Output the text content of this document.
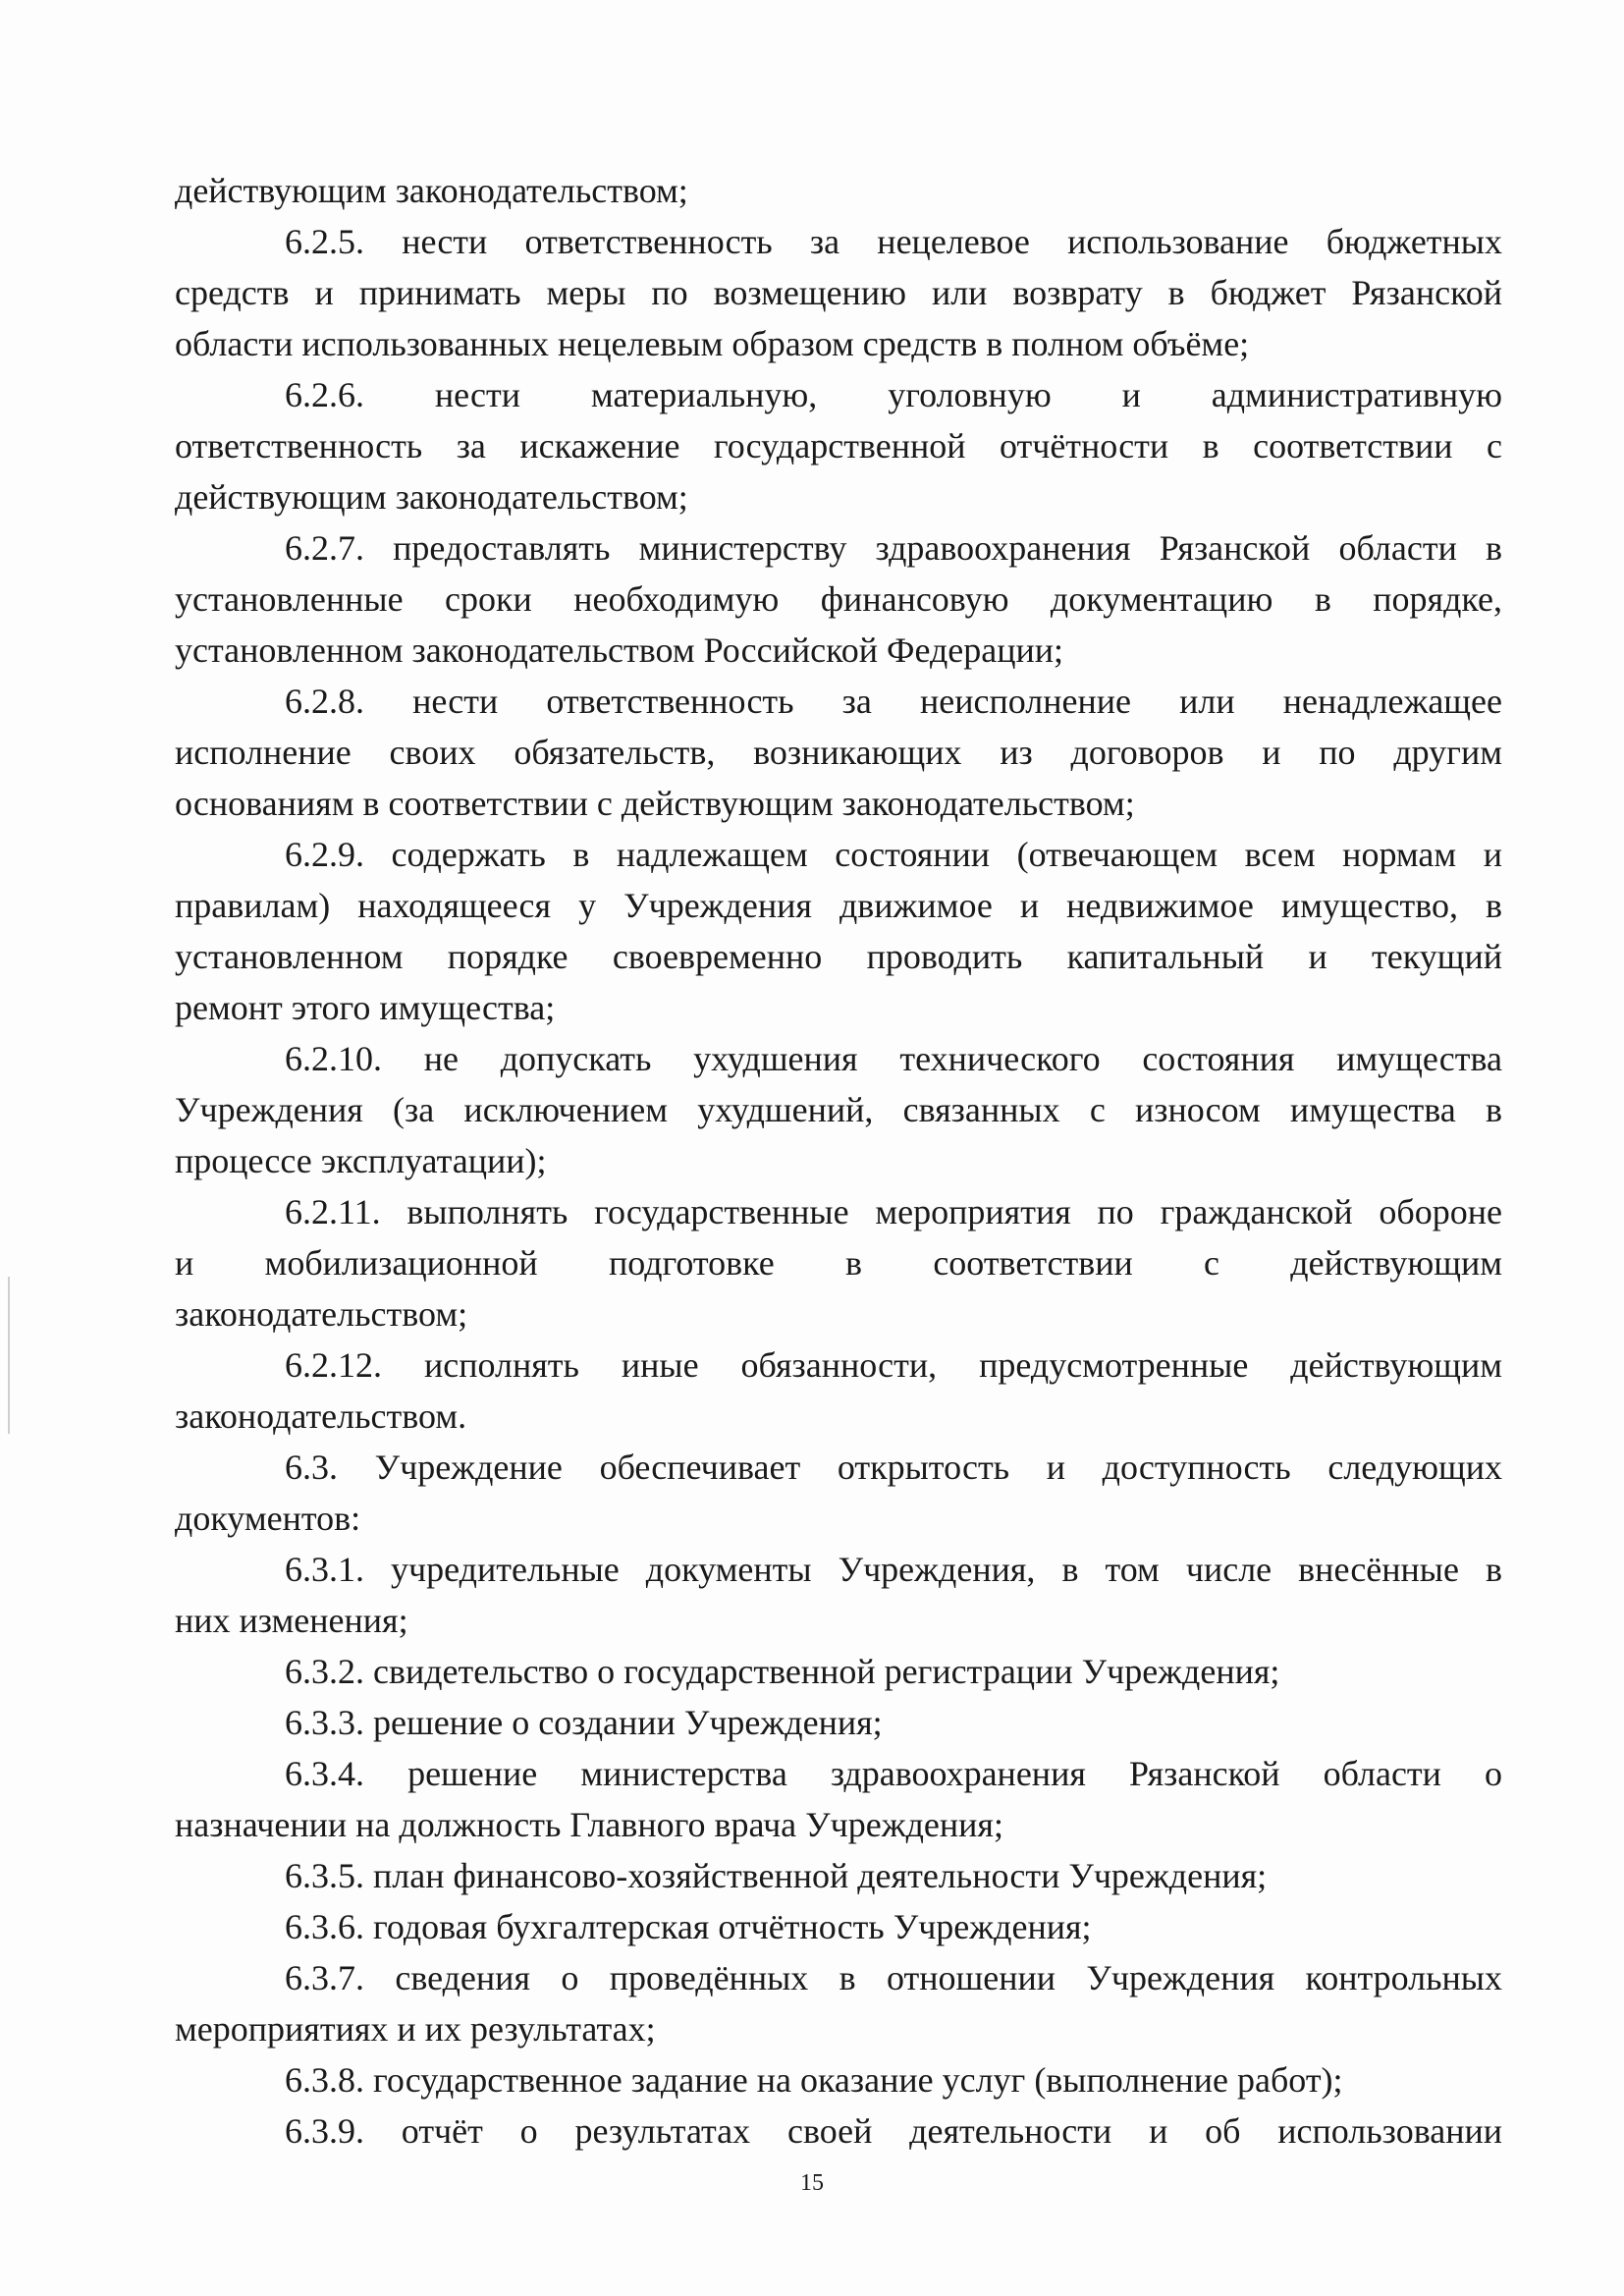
действующим законодательством;
6.2.5. нести ответственность за нецелевое использование бюджетных
средств и принимать меры по возмещению или возврату в бюджет Рязанской
области использованных нецелевым образом средств в полном объёме;
6.2.6. нести материальную, уголовную и административную
ответственность за искажение государственной отчётности в соответствии с
действующим законодательством;
6.2.7. предоставлять министерству здравоохранения Рязанской области в
установленные сроки необходимую финансовую документацию в порядке,
установленном законодательством Российской Федерации;
6.2.8. нести ответственность за неисполнение или ненадлежащее
исполнение своих обязательств, возникающих из договоров и по другим
основаниям в соответствии с действующим законодательством;
6.2.9. содержать в надлежащем состоянии (отвечающем всем нормам и
правилам) находящееся у Учреждения движимое и недвижимое имущество, в
установленном порядке своевременно проводить капитальный и текущий
ремонт этого имущества;
6.2.10. не допускать ухудшения технического состояния имущества
Учреждения (за исключением ухудшений, связанных с износом имущества в
процессе эксплуатации);
6.2.11. выполнять государственные мероприятия по гражданской обороне
и мобилизационной подготовке в соответствии с действующим
законодательством;
6.2.12. исполнять иные обязанности, предусмотренные действующим
законодательством.
6.3. Учреждение обеспечивает открытость и доступность следующих
документов:
6.3.1. учредительные документы Учреждения, в том числе внесённые в
них изменения;
6.3.2. свидетельство о государственной регистрации Учреждения;
6.3.3. решение о создании Учреждения;
6.3.4. решение министерства здравоохранения Рязанской области о
назначении на должность Главного врача Учреждения;
6.3.5. план финансово-хозяйственной деятельности Учреждения;
6.3.6. годовая бухгалтерская отчётность Учреждения;
6.3.7. сведения о проведённых в отношении Учреждения контрольных
мероприятиях и их результатах;
6.3.8. государственное задание на оказание услуг (выполнение работ);
6.3.9. отчёт о результатах своей деятельности и об использовании
15
